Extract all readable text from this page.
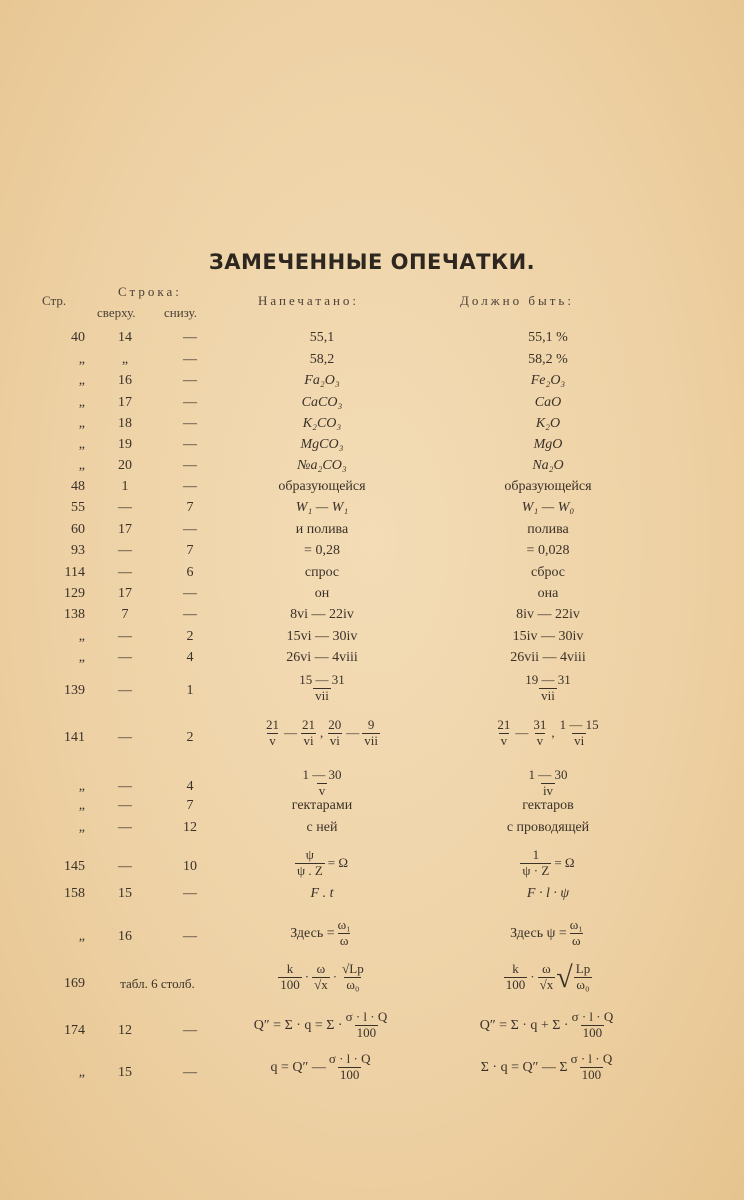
ЗАМЕЧЕННЫЕ ОПЕЧАТКИ.
Стр.
Строка:
сверху. снизу.
Напечатано:	Должно быть:
40	14	—	55,1	55,1 %
„	„	—	58,2	58,2 %
„	16	—	Fa₂O₃	Fe₂O₃
„	17	—	CaCO₃	CaO
„	18	—	K₂CO₃	K₂O
„	19	—	MgCO₃	MgO
„	20	—	№a₂CO₃	Na₂O
48	1	—	образующейся	образующейся
55	—	7	W₁ — W₁	W₁ — W₀
60	17	—	и полива	полива
93	—	7	= 0,28	= 0,028
114	—	6	спрос	сброс
129	17	—	он	она
138	7	—	8vi — 22iv	8iv — 22iv
„	—	2	15vi — 30iv	15iv — 30iv
„	—	4	26vi — 4viii	26vii — 4viii
139	—	1	$\frac{15 — 31}{\text{vii}}$	$\frac{19 — 31}{\text{vii}}$
141	—	2	$\frac{21}{v}$ — $\frac{21}{vi}$ , $\frac{20}{vi}$ — $\frac{9}{\text{vii}}$	$\frac{21}{v}$ — $\frac{31}{v}$ , $\frac{1 — 15}{vi}$
„	—	4	$\frac{1 — 30}{v}$	$\frac{1 — 30}{iv}$
„	—	7	гектарами	гектаров
„	—	12	с ней	с проводящей
145	—	10	$\frac{\psi}{\psi . Z} = \Omega$	$\frac{1}{\psi \cdot Z} = \Omega$
158	15	—	F . t	F · l · ψ
„	16	—	Здесь = $\frac{\text{ω₁}}{\omega}$	Здесь $\psi = \frac{\text{ω₁}}{\omega}$
169	табл. 6 столб.	$\frac{k}{100} \cdot \frac{\omega}{√x} \cdot \frac{√Lp}{\text{ω₀}}$	$\frac{k}{100} \cdot \frac{\omega}{√x}$ √ $\frac{Lp}{\text{ω₀}}$
174	12	—	$Q'' = \Sigma \cdot q = \Sigma \cdot \frac{\sigma \cdot l \cdot Q}{100}$	$Q'' = \Sigma \cdot q + \Sigma \cdot \frac{\sigma \cdot l \cdot Q}{100}$
„	15	—	q = Q″ — $\frac{\sigma \cdot l \cdot Q}{100}$	Σ · q = Q″ — Σ $\frac{\sigma \cdot l \cdot Q}{100}$
